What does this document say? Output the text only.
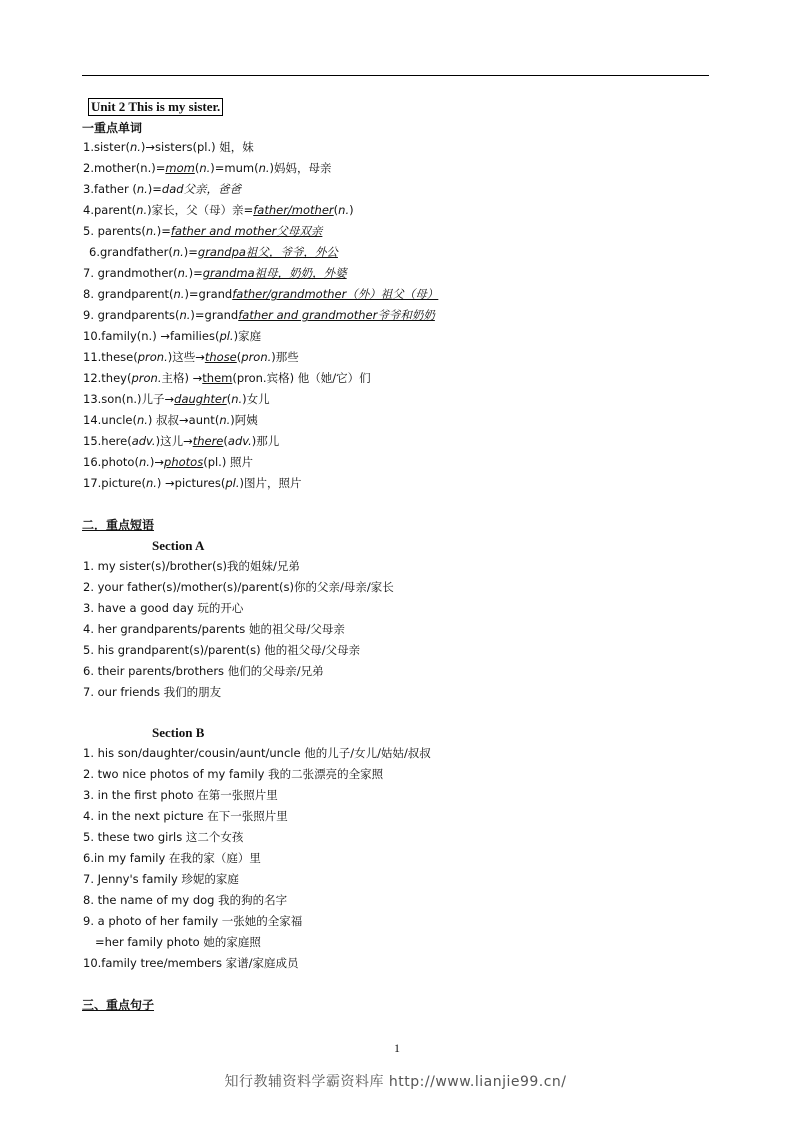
Unit 2 This is my sister.
一重点单词
1.sister(n.)→sisters(pl.) 姐，妹
2.mother(n.)=mom(n.)=mum(n.)妈妈，母亲
3.father (n.)=dad父亲，爸爸
4.parent(n.)家长，父（母）亲=father/mother(n.)
5. parents(n.)=father and mother父母双亲
6.grandfather(n.)=grandpa祖父，爷爷，外公
7. grandmother(n.)=grandma祖母，奶奶，外婆
8. grandparent(n.)=grandfather/grandmother（外）祖父（母）
9. grandparents(n.)=grandfather and grandmother爷爷和奶奶
10.family(n.) →families(pl.)家庭
11.these(pron.)这些→those(pron.)那些
12.they(pron.主格) →them(pron.宾格) 他（她/它）们
13.son(n.)儿子→daughter(n.)女儿
14.uncle(n.) 叔叔→aunt(n.)阿姨
15.here(adv.)这儿→there(adv.)那儿
16.photo(n.)→photos(pl.) 照片
17.picture(n.) →pictures(pl.)图片，照片
二．重点短语
Section A
1. my sister(s)/brother(s)我的姐妹/兄弟
2. your father(s)/mother(s)/parent(s)你的父亲/母亲/家长
3. have a good day 玩的开心
4. her grandparents/parents 她的祖父母/父母亲
5. his grandparent(s)/parent(s) 他的祖父母/父母亲
6. their parents/brothers 他们的父母亲/兄弟
7. our friends 我们的朋友
Section B
1. his son/daughter/cousin/aunt/uncle 他的儿子/女儿/姑姑/叔叔
2. two nice photos of my family 我的二张漂亮的全家照
3. in the first photo 在第一张照片里
4. in the next picture 在下一张照片里
5. these two girls 这二个女孩
6.in my family 在我的家（庭）里
7. Jenny's family 珍妮的家庭
8. the name of my dog 我的狗的名字
9. a photo of her family 一张她的全家福
=her family photo 她的家庭照
10.family tree/members 家谱/家庭成员
三、重点句子
1
知行教辅资料学霸资料库 http://www.lianjie99.cn/
